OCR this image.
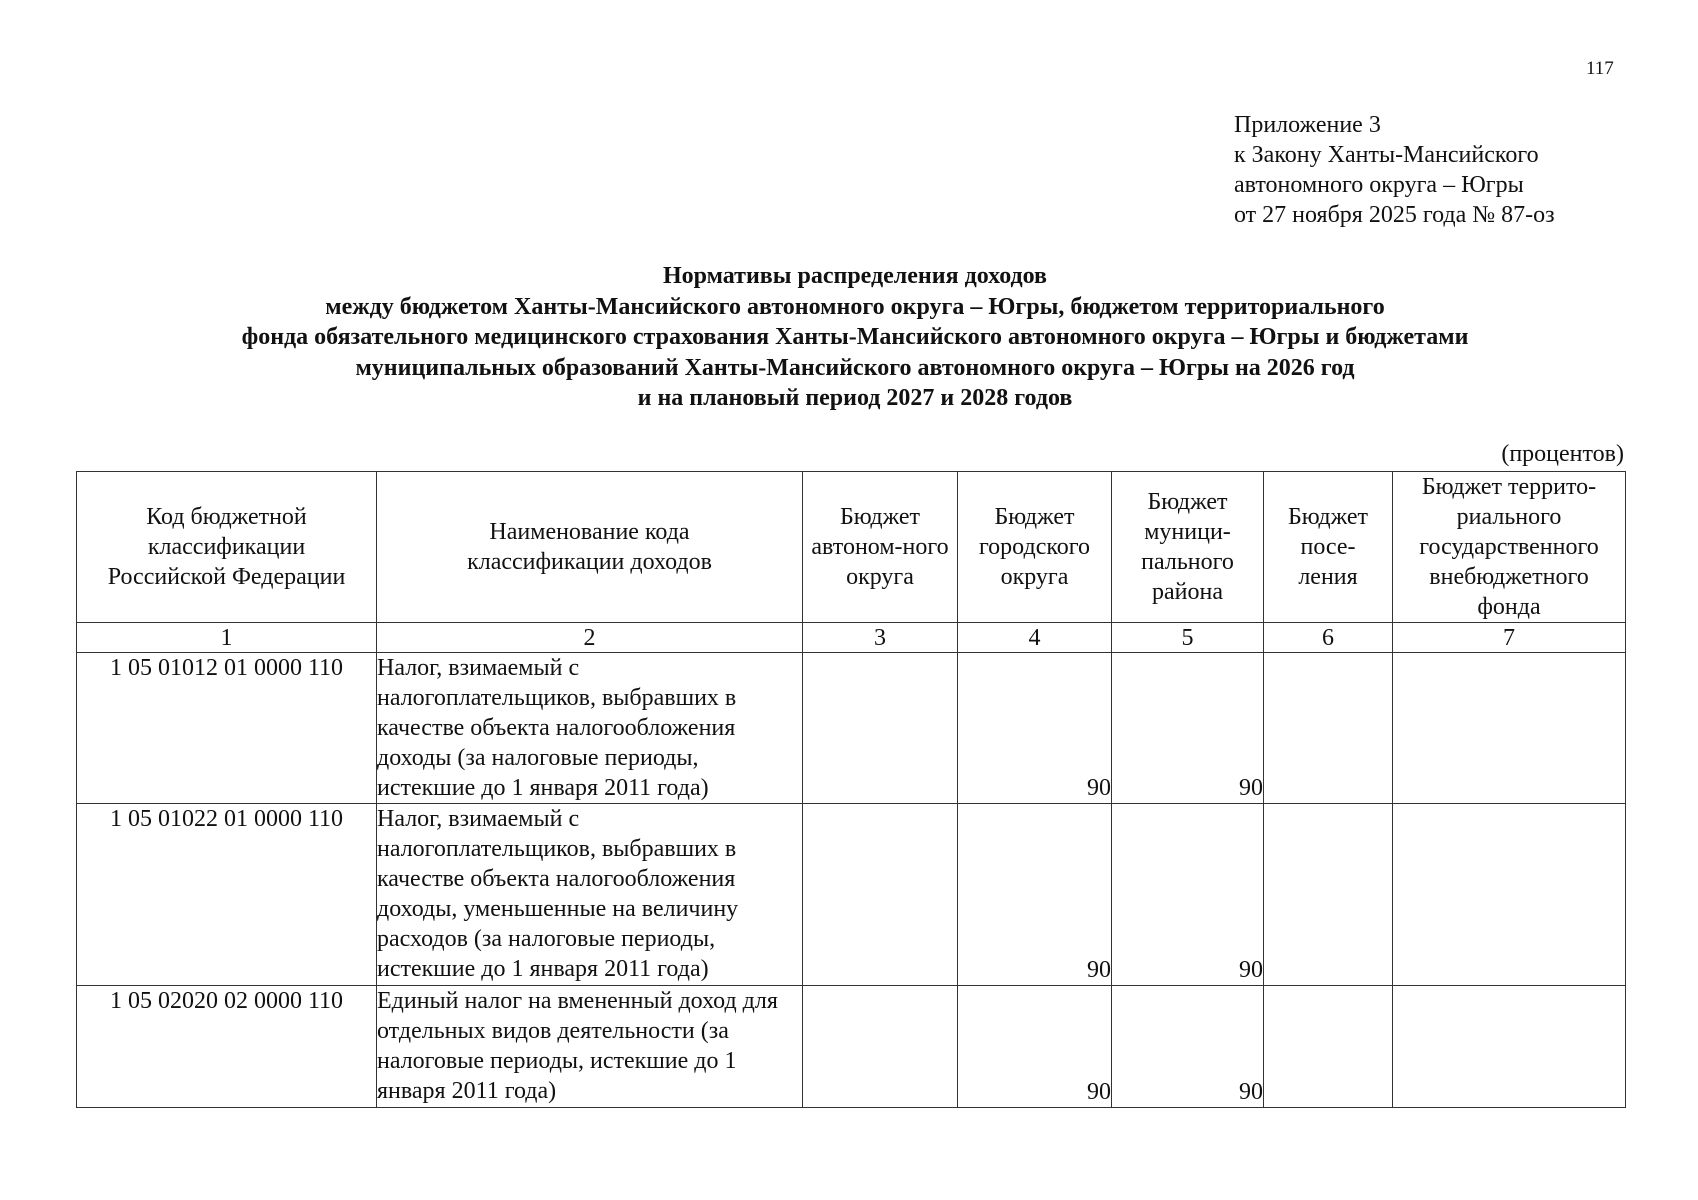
117
Приложение 3
к Закону Ханты-Мансийского
автономного округа – Югры
от 27 ноября 2025 года № 87-оз
Нормативы распределения доходов
между бюджетом Ханты-Мансийского автономного округа – Югры, бюджетом территориального
фонда обязательного медицинского страхования Ханты-Мансийского автономного округа – Югры и бюджетами
муниципальных образований Ханты-Мансийского автономного округа – Югры на 2026 год
и на плановый период 2027 и 2028 годов
(процентов)
Код бюджетной классификации Российской Федерации	Наименование кода классификации доходов	Бюджет автоном-ного округа	Бюджет городского округа	Бюджет муници-пального района	Бюджет посе-ления	Бюджет террито-риального государственного внебюджетного фонда
1	2	3	4	5	6	7
1 05 01012 01 0000 110	Налог, взимаемый с налогоплательщиков, выбравших в качестве объекта налогообложения доходы (за налоговые периоды, истекшие до 1 января 2011 года)		90	90		
1 05 01022 01 0000 110	Налог, взимаемый с налогоплательщиков, выбравших в качестве объекта налогообложения доходы, уменьшенные на величину расходов (за налоговые периоды, истекшие до 1 января 2011 года)		90	90		
1 05 02020 02 0000 110	Единый налог на вмененный доход для отдельных видов деятельности (за налоговые периоды, истекшие до 1 января 2011 года)		90	90		
